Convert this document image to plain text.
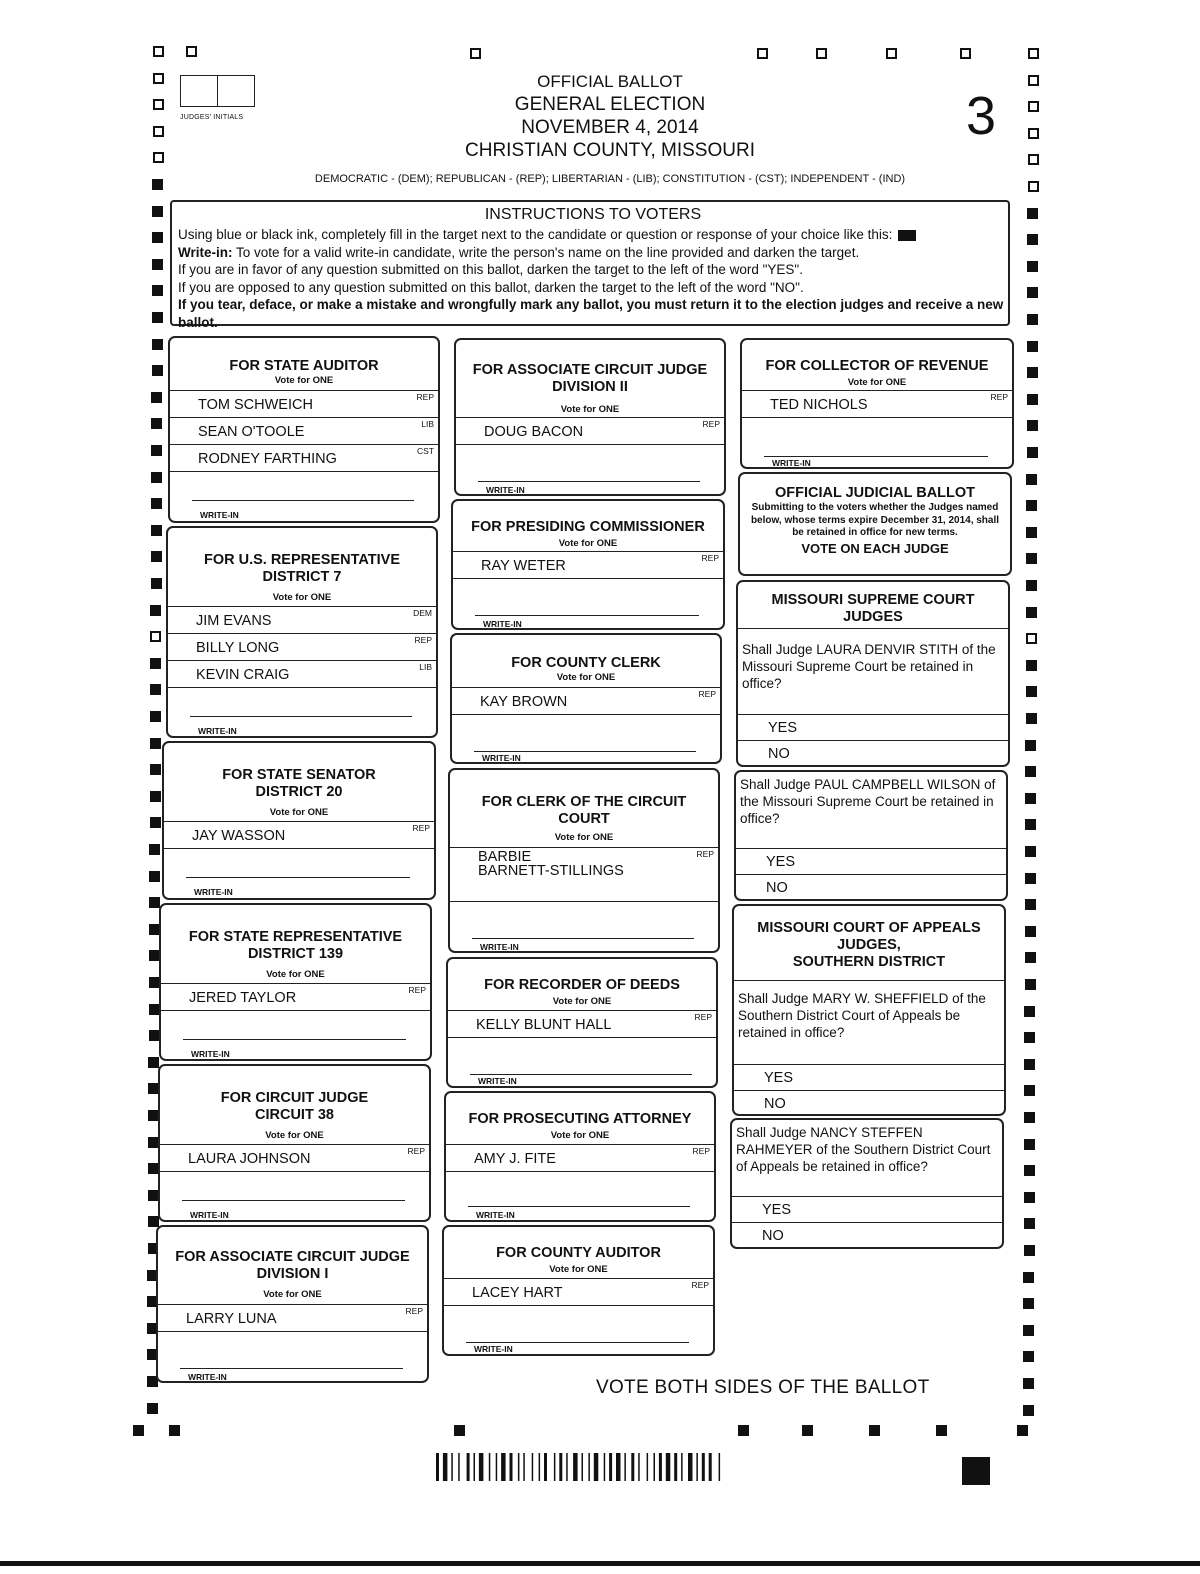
JUDGES' INITIALS
OFFICIAL BALLOT
GENERAL ELECTION
NOVEMBER 4, 2014
CHRISTIAN COUNTY, MISSOURI
3
DEMOCRATIC - (DEM); REPUBLICAN - (REP); LIBERTARIAN - (LIB); CONSTITUTION - (CST); INDEPENDENT - (IND)
INSTRUCTIONS TO VOTERS
Using blue or black ink, completely fill in the target next to the candidate or question or response of your choice like this:
Write-in: To vote for a valid write-in candidate, write the person's name on the line provided and darken the target.
If you are in favor of any question submitted on this ballot, darken the target to the left of the word "YES".
If you are opposed to any question submitted on this ballot, darken the target to the left of the word "NO".
If you tear, deface, or make a mistake and wrongfully mark any ballot, you must return it to the election judges and receive a new ballot.
FOR STATE AUDITOR
Vote for ONE
TOM SCHWEICH	REP
SEAN O'TOOLE	LIB
RODNEY FARTHING	CST
WRITE-IN
FOR U.S. REPRESENTATIVE
DISTRICT 7
Vote for ONE
JIM EVANS	DEM
BILLY LONG	REP
KEVIN CRAIG	LIB
WRITE-IN
FOR STATE SENATOR
DISTRICT 20
Vote for ONE
JAY WASSON	REP
WRITE-IN
FOR STATE REPRESENTATIVE
DISTRICT 139
Vote for ONE
JERED TAYLOR	REP
WRITE-IN
FOR CIRCUIT JUDGE
CIRCUIT 38
Vote for ONE
LAURA JOHNSON	REP
WRITE-IN
FOR ASSOCIATE CIRCUIT JUDGE
DIVISION I
Vote for ONE
LARRY LUNA	REP
WRITE-IN
FOR ASSOCIATE CIRCUIT JUDGE
DIVISION II
Vote for ONE
DOUG BACON	REP
WRITE-IN
FOR PRESIDING COMMISSIONER
Vote for ONE
RAY WETER	REP
WRITE-IN
FOR COUNTY CLERK
Vote for ONE
KAY BROWN	REP
WRITE-IN
FOR CLERK OF THE CIRCUIT
COURT
Vote for ONE
BARBIE
BARNETT-STILLINGS
REP
WRITE-IN
FOR RECORDER OF DEEDS
Vote for ONE
KELLY BLUNT HALL	REP
WRITE-IN
FOR PROSECUTING ATTORNEY
Vote for ONE
AMY J. FITE	REP
WRITE-IN
FOR COUNTY AUDITOR
Vote for ONE
LACEY HART	REP
WRITE-IN
FOR COLLECTOR OF REVENUE
Vote for ONE
TED NICHOLS	REP
WRITE-IN
OFFICIAL JUDICIAL BALLOT
Submitting to the voters whether the Judges named below, whose terms expire December 31, 2014, shall be retained in office for new terms.
VOTE ON EACH JUDGE
MISSOURI SUPREME COURT
JUDGES
Shall Judge LAURA DENVIR STITH of the Missouri Supreme Court be retained in office?
YES
NO
Shall Judge PAUL CAMPBELL WILSON of the Missouri Supreme Court be retained in office?
YES
NO
MISSOURI COURT OF APPEALS
JUDGES,
SOUTHERN DISTRICT
Shall Judge MARY W. SHEFFIELD of the Southern District Court of Appeals be retained in office?
YES
NO
Shall Judge NANCY STEFFEN RAHMEYER of the Southern District Court of Appeals be retained in office?
YES
NO
VOTE BOTH SIDES OF THE BALLOT
